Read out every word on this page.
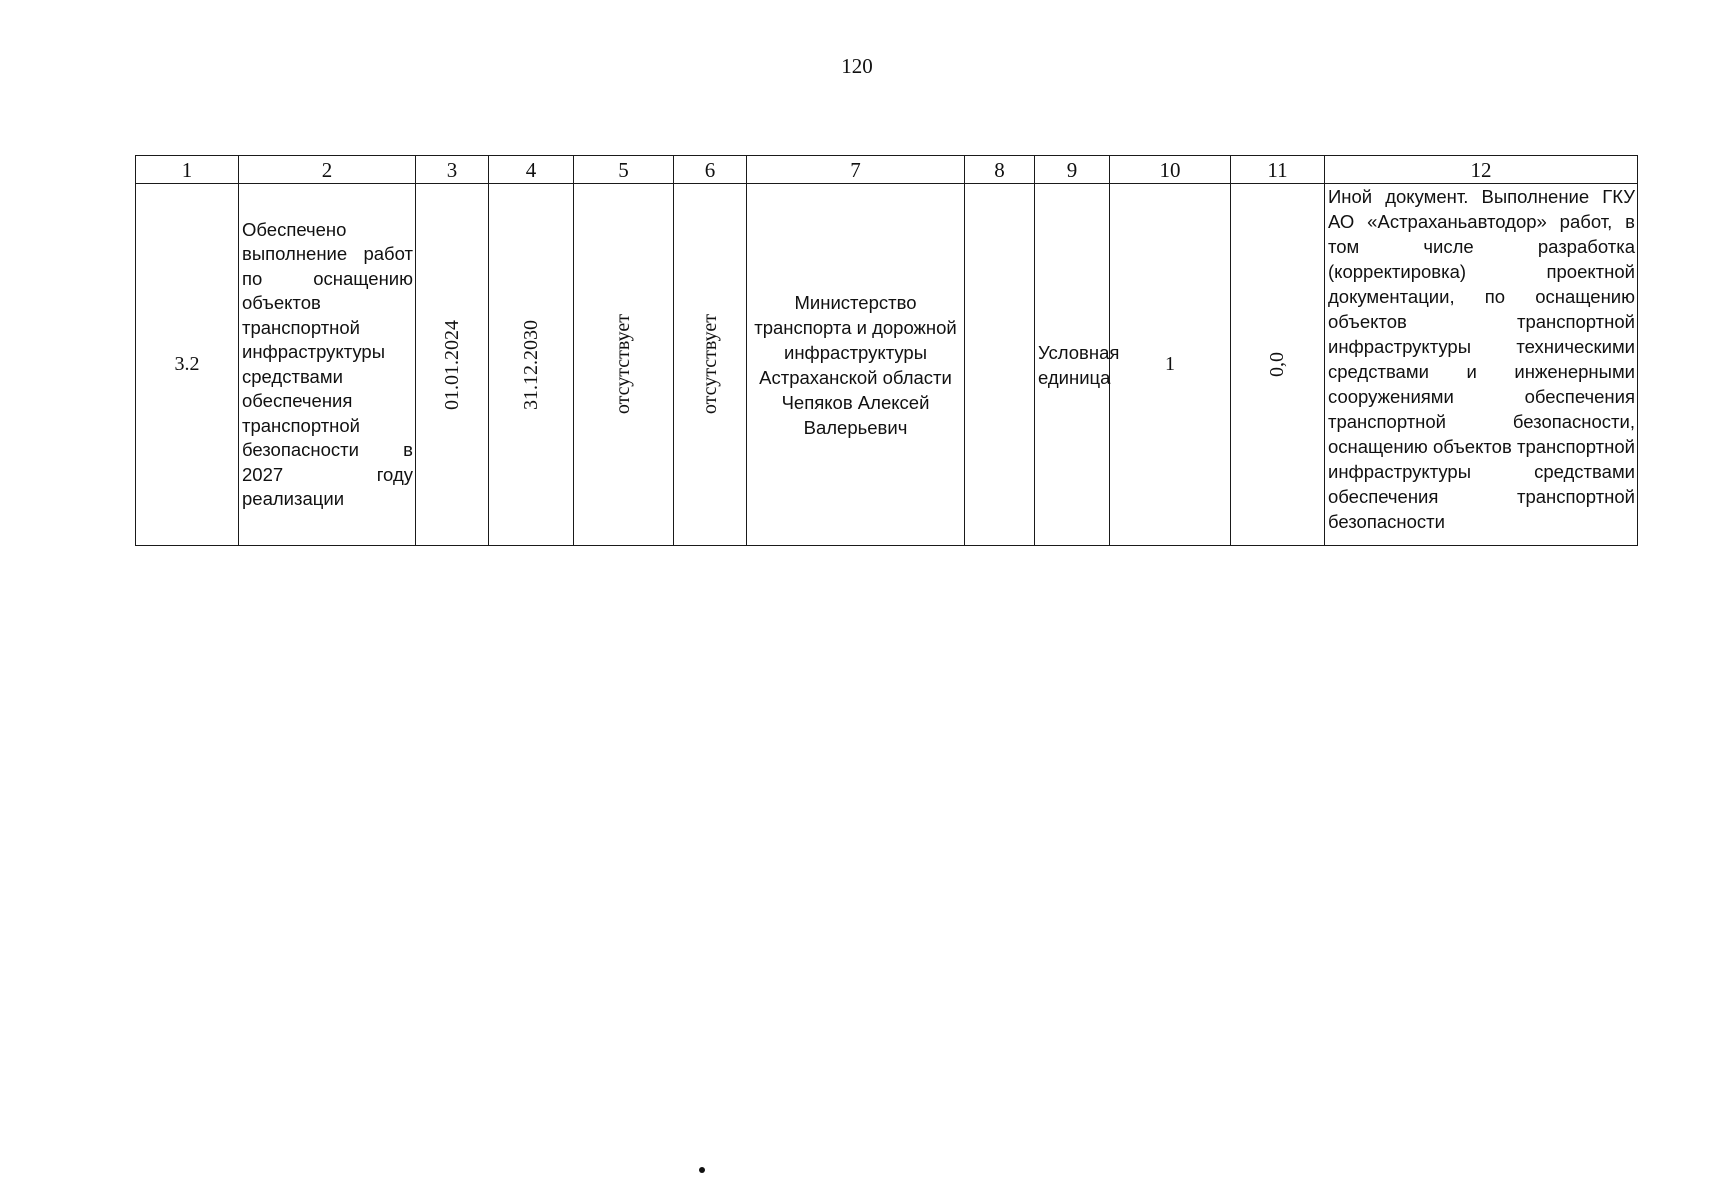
120
1	2	3	4	5	6	7	8	9	10	11	12
3.2	Обеспечено выполнение работ по оснащению объектов транспортной инфраструктуры средствами обеспечения транспортной безопасности в 2027 году реализации	01.01.2024	31.12.2030	отсутствует	отсутствует	Министерство транспорта и дорожной инфраструктуры Астраханской области Чепяков Алексей Валерьевич		Условная единица	1	0,0	Иной документ. Выполнение ГКУ АО «Астраханьавтодор» работ, в том числе разработка (корректировка) проектной документации, по оснащению объектов транспортной инфраструктуры техническими средствами и инженерными сооружениями обеспечения транспортной безопасности, оснащению объектов транспортной инфраструктуры средствами обеспечения транспортной безопасности
